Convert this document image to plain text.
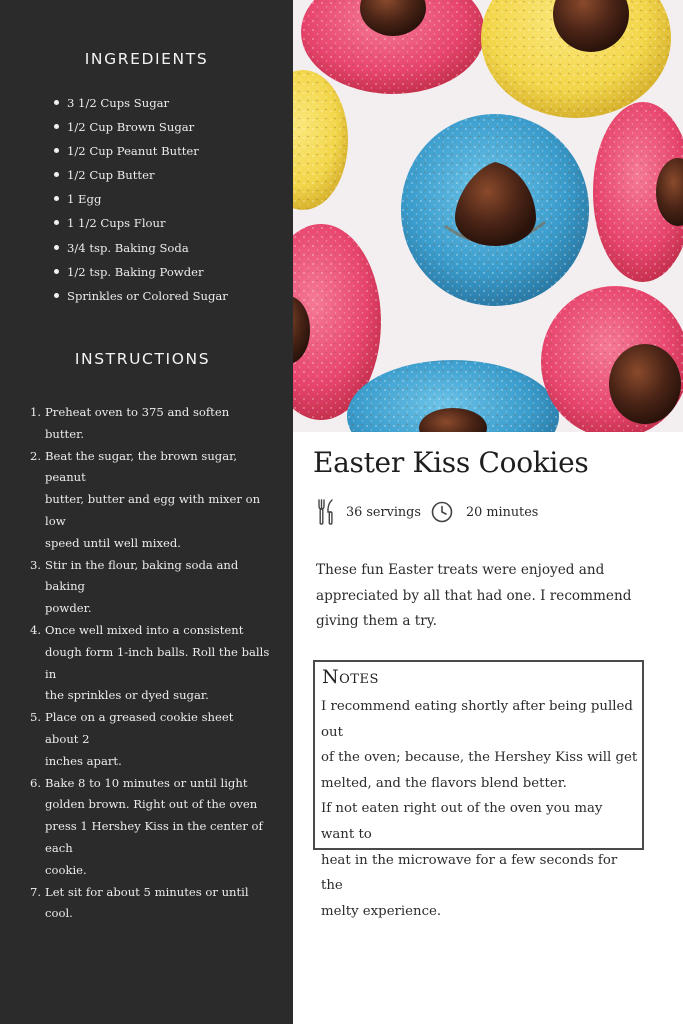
INGREDIENTS
3 1/2 Cups Sugar
1/2 Cup Brown Sugar
1/2 Cup Peanut Butter
1/2 Cup Butter
1 Egg
1 1/2 Cups Flour
3/4 tsp. Baking Soda
1/2 tsp. Baking Powder
Sprinkles or Colored Sugar
INSTRUCTIONS
1. Preheat oven to 375 and soften butter.
2. Beat the sugar, the brown sugar, peanut
butter, butter and egg with mixer on low
speed until well mixed.
3. Stir in the flour, baking soda and baking
powder.
4. Once well mixed into a consistent
dough form 1-inch balls. Roll the balls in
the sprinkles or dyed sugar.
5. Place on a greased cookie sheet about 2
inches apart.
6. Bake 8 to 10 minutes or until light
golden brown. Right out of the oven
press 1 Hershey Kiss in the center of each
cookie.
7. Let sit for about 5 minutes or until cool.
Easter Kiss Cookies
36 servings	20 minutes
These fun Easter treats were enjoyed and
appreciated by all that had one. I recommend
giving them a try.
Notes

I recommend eating shortly after being pulled out
of the oven; because, the Hershey Kiss will get
melted, and the flavors blend better.

If not eaten right out of the oven you may want to
heat in the microwave for a few seconds for the
melty experience.
